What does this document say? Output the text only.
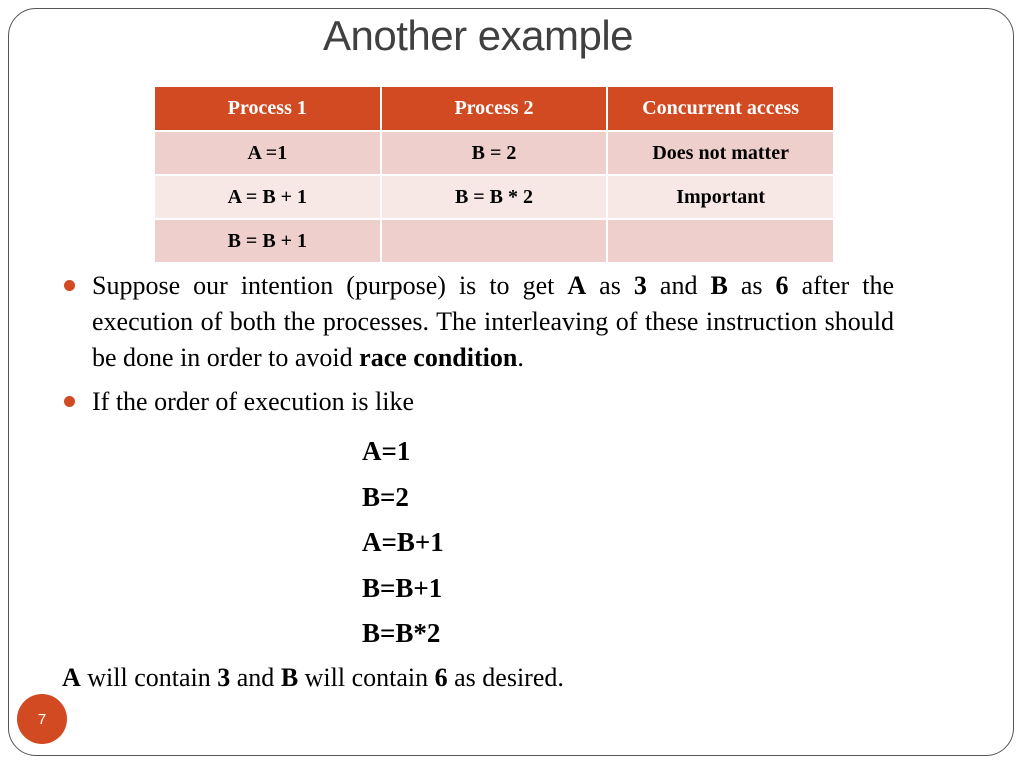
Another example
Process 1	Process 2	Concurrent access
A =1	B = 2	Does not matter
A = B + 1	B = B * 2	Important
B = B + 1		

Suppose our intention (purpose) is to get A as 3 and B as 6 after the execution of both the processes. The interleaving of these instruction should be done in order to avoid race condition.

If the order of execution is like

A=1
B=2
A=B+1
B=B+1
B=B*2
A will contain 3 and B will contain 6 as desired.
7
